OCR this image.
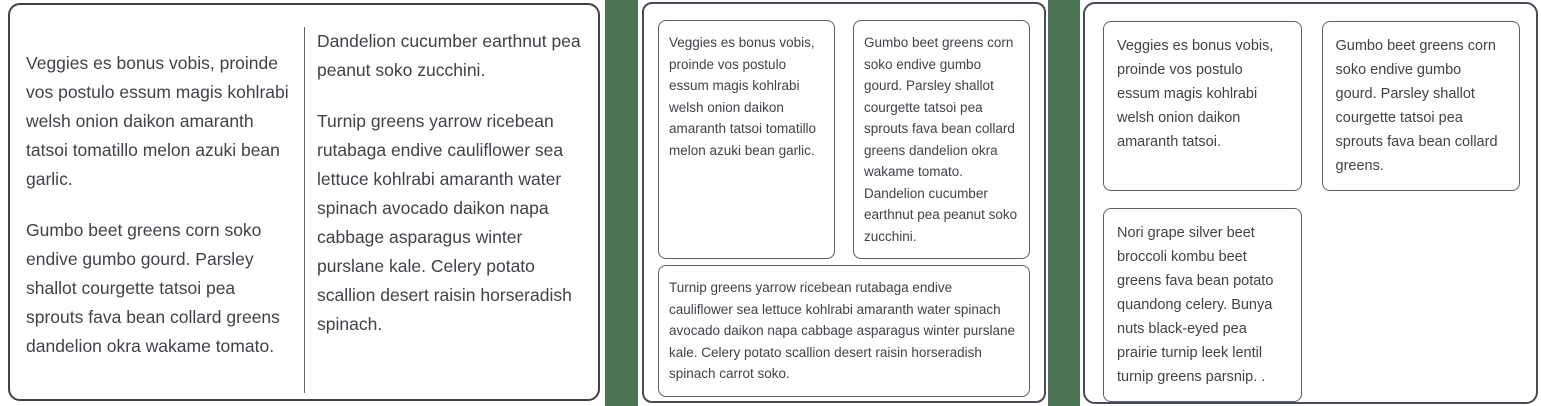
Veggies es bonus vobis, proinde vos postulo essum magis kohlrabi welsh onion daikon amaranth tatsoi tomatillo melon azuki bean garlic.

Gumbo beet greens corn soko endive gumbo gourd. Parsley shallot courgette tatsoi pea sprouts fava bean collard greens dandelion okra wakame tomato. Dandelion cucumber earthnut pea peanut soko zucchini.

Turnip greens yarrow ricebean rutabaga endive cauliflower sea lettuce kohlrabi amaranth water spinach avocado daikon napa cabbage asparagus winter purslane kale. Celery potato scallion desert raisin horseradish spinach.

Veggies es bonus vobis, proinde vos postulo essum magis kohlrabi welsh onion daikon amaranth tatsoi tomatillo melon azuki bean garlic.
Gumbo beet greens corn soko endive gumbo gourd. Parsley shallot courgette tatsoi pea sprouts fava bean collard greens dandelion okra wakame tomato. Dandelion cucumber earthnut pea peanut soko zucchini.
Turnip greens yarrow ricebean rutabaga endive cauliflower sea lettuce kohlrabi amaranth water spinach avocado daikon napa cabbage asparagus winter purslane kale. Celery potato scallion desert raisin horseradish spinach carrot soko.
Veggies es bonus vobis, proinde vos postulo essum magis kohlrabi welsh onion daikon amaranth tatsoi.
Gumbo beet greens corn soko endive gumbo gourd. Parsley shallot courgette tatsoi pea sprouts fava bean collard greens.
Nori grape silver beet broccoli kombu beet greens fava bean potato quandong celery. Bunya nuts black-eyed pea prairie turnip leek lentil turnip greens parsnip. .
